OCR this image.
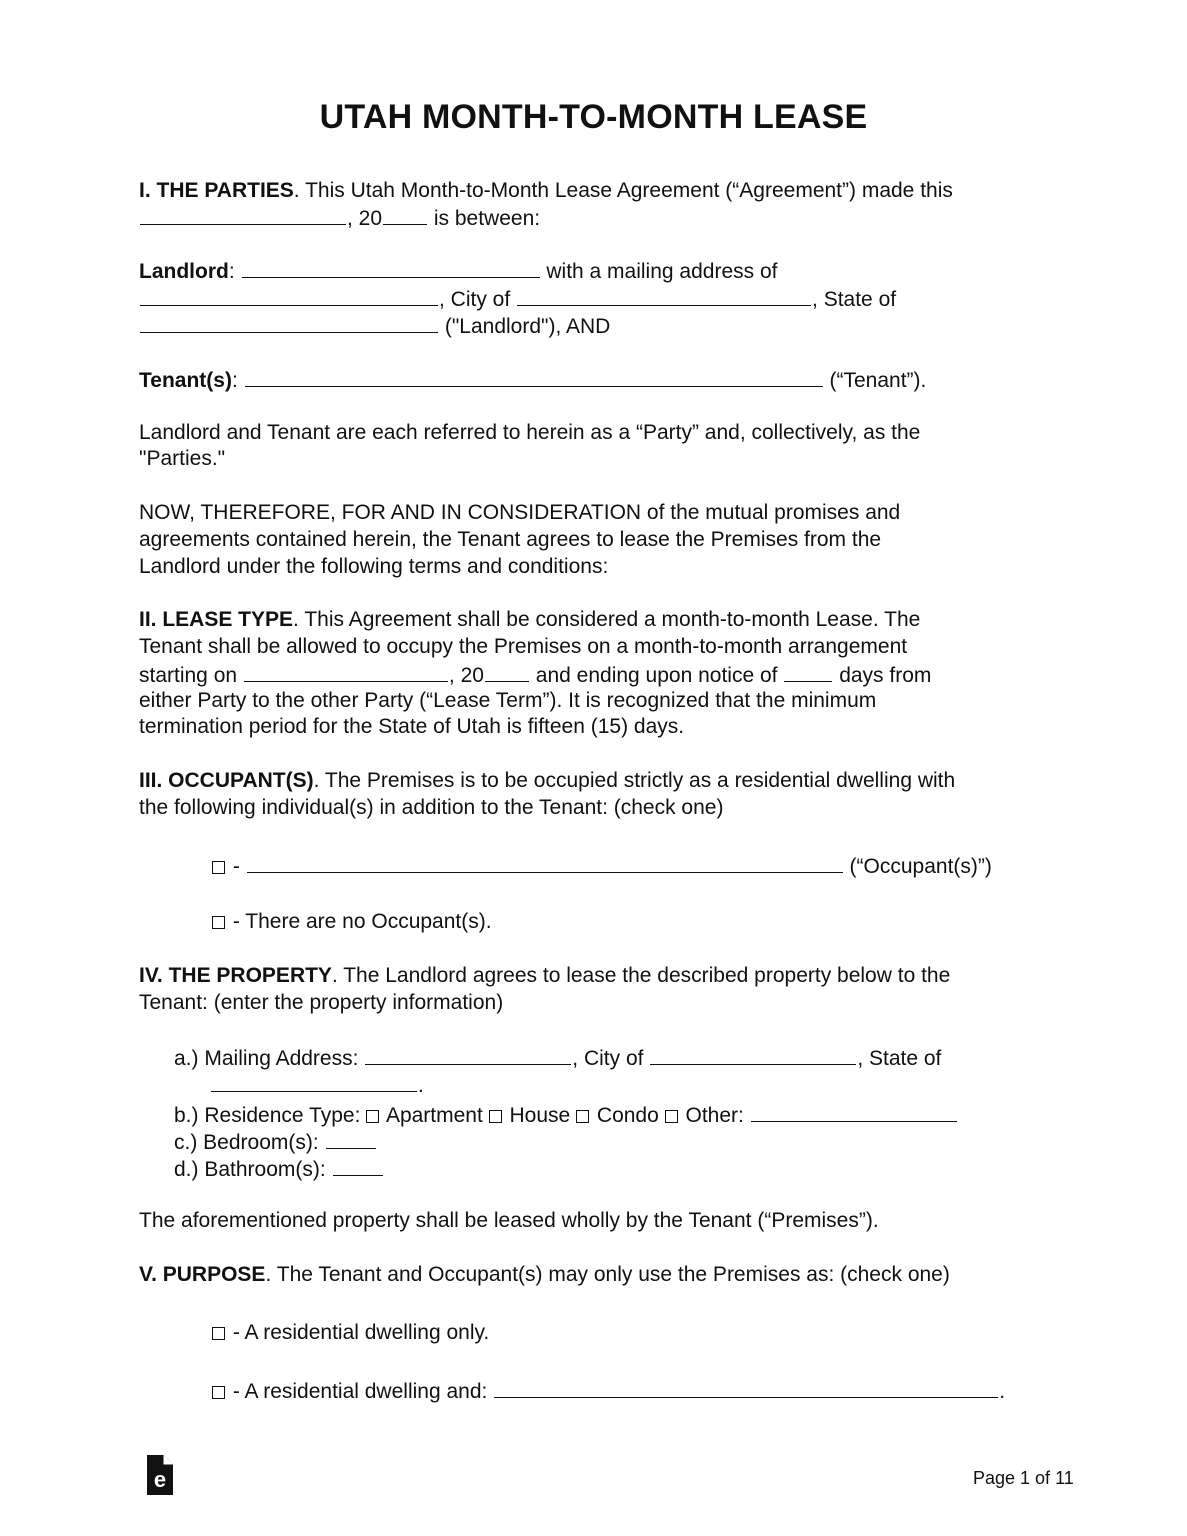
UTAH MONTH-TO-MONTH LEASE
I. THE PARTIES. This Utah Month-to-Month Lease Agreement (“Agreement”) made this
, 20 is between:
Landlord:	with a mailing address of
, City of	, State of
("Landlord"), AND
Tenant(s):	(“Tenant”).
Landlord and Tenant are each referred to herein as a “Party” and, collectively, as the
"Parties."
NOW, THEREFORE, FOR AND IN CONSIDERATION of the mutual promises and
agreements contained herein, the Tenant agrees to lease the Premises from the
Landlord under the following terms and conditions:
II. LEASE TYPE. This Agreement shall be considered a month-to-month Lease. The
Tenant shall be allowed to occupy the Premises on a month-to-month arrangement
starting on	, 20 and ending upon notice of	days from
either Party to the other Party (“Lease Term”). It is recognized that the minimum
termination period for the State of Utah is fifteen (15) days.
III. OCCUPANT(S). The Premises is to be occupied strictly as a residential dwelling with
the following individual(s) in addition to the Tenant: (check one)
-	(“Occupant(s)”)
- There are no Occupant(s).
IV. THE PROPERTY. The Landlord agrees to lease the described property below to the
Tenant: (enter the property information)
a.) Mailing Address:	, City of	, State of
.
b.) Residence Type: Apartment House Condo Other:
c.) Bedroom(s):
d.) Bathroom(s):
The aforementioned property shall be leased wholly by the Tenant (“Premises”).
V. PURPOSE. The Tenant and Occupant(s) may only use the Premises as: (check one)
- A residential dwelling only.
- A residential dwelling and:	.
e	Page 1 of 11
